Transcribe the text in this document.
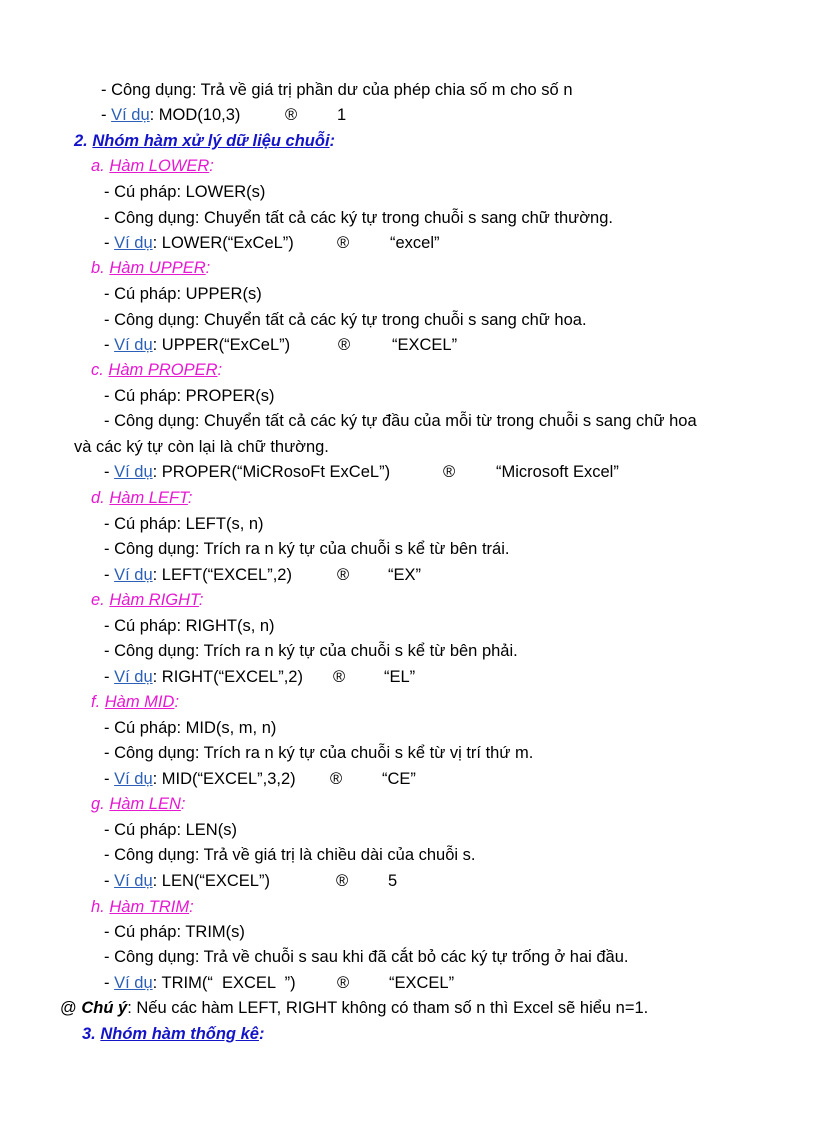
- Công dụng: Trả về giá trị phần dư của phép chia số m cho số n
- Ví dụ: MOD(10,3)	® 1
2. Nhóm hàm xử lý dữ liệu chuỗi:
a. Hàm LOWER:
- Cú pháp: LOWER(s)
- Công dụng: Chuyển tất cả các ký tự trong chuỗi s sang chữ thường.
- Ví dụ: LOWER(“ExCeL”)	® “excel”
b. Hàm UPPER:
- Cú pháp: UPPER(s)
- Công dụng: Chuyển tất cả các ký tự trong chuỗi s sang chữ hoa.
- Ví dụ: UPPER(“ExCeL”)	®	“EXCEL”
c. Hàm PROPER:
- Cú pháp: PROPER(s)
- Công dụng: Chuyển tất cả các ký tự đầu của mỗi từ trong chuỗi s sang chữ hoa
và các ký tự còn lại là chữ thường.
- Ví dụ: PROPER(“MiCRosoFt ExCeL”)	® “Microsoft Excel”
d. Hàm LEFT:
- Cú pháp: LEFT(s, n)
- Công dụng: Trích ra n ký tự của chuỗi s kể từ bên trái.
- Ví dụ: LEFT(“EXCEL”,2)	® “EX”
e. Hàm RIGHT:
- Cú pháp: RIGHT(s, n)
- Công dụng: Trích ra n ký tự của chuỗi s kể từ bên phải.
- Ví dụ: RIGHT(“EXCEL”,2) ® “EL”
f. Hàm MID:
- Cú pháp: MID(s, m, n)
- Công dụng: Trích ra n ký tự của chuỗi s kể từ vị trí thứ m.
- Ví dụ: MID(“EXCEL”,3,2) ® “CE”
g. Hàm LEN:
- Cú pháp: LEN(s)
- Công dụng: Trả về giá trị là chiều dài của chuỗi s.
- Ví dụ: LEN(“EXCEL”)	® 5
h. Hàm TRIM:
- Cú pháp: TRIM(s)
- Công dụng: Trả về chuỗi s sau khi đã cắt bỏ các ký tự trống ở hai đầu.
- Ví dụ: TRIM(“  EXCEL  ”)	® “EXCEL”
@ Chú ý: Nếu các hàm LEFT, RIGHT không có tham số n thì Excel sẽ hiểu n=1.
3. Nhóm hàm thống kê:
